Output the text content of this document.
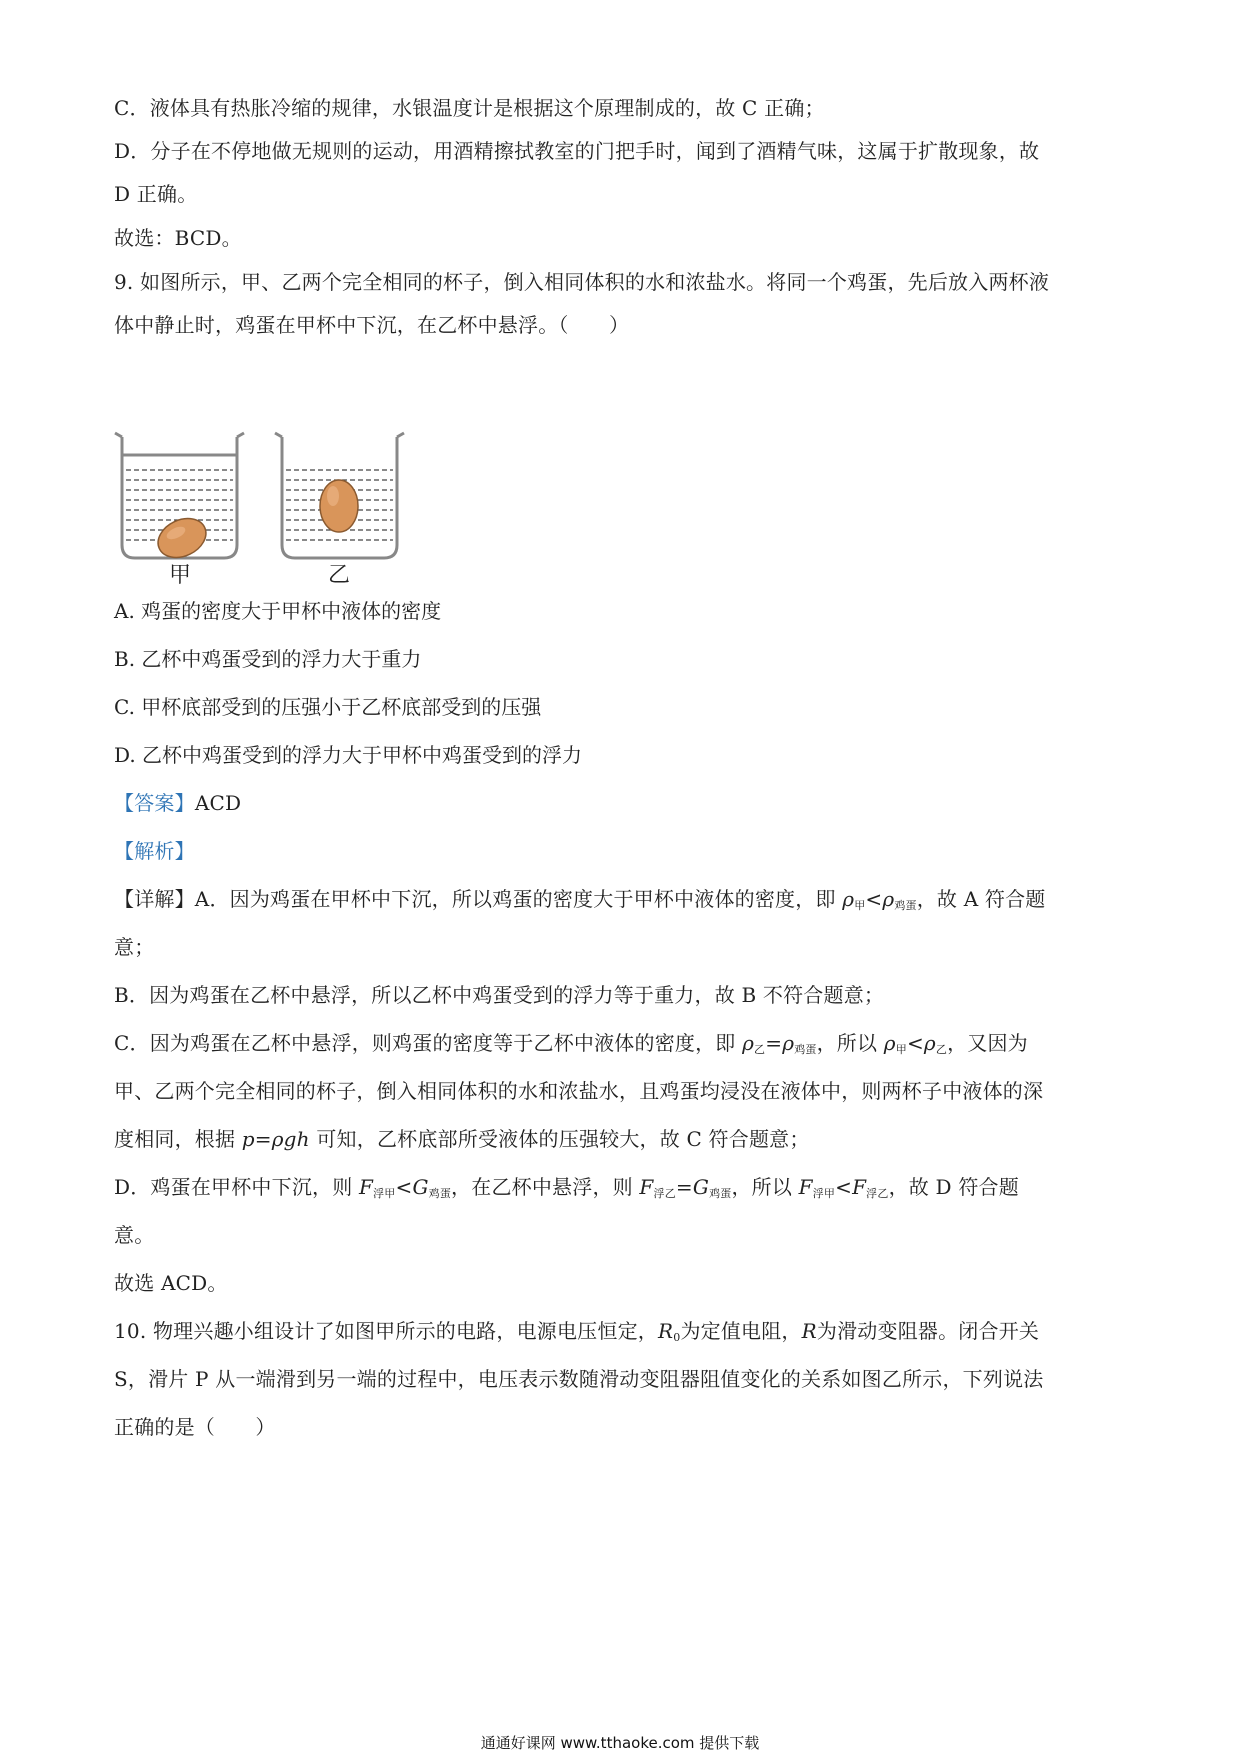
C．液体具有热胀冷缩的规律，水银温度计是根据这个原理制成的，故 C 正确；
D．分子在不停地做无规则的运动，用酒精擦拭教室的门把手时，闻到了酒精气味，这属于扩散现象，故
D 正确。
故选：BCD。
9. 如图所示，甲、乙两个完全相同的杯子，倒入相同体积的水和浓盐水。将同一个鸡蛋，先后放入两杯液
体中静止时，鸡蛋在甲杯中下沉，在乙杯中悬浮。（　　）
甲	乙
A. 鸡蛋的密度大于甲杯中液体的密度
B. 乙杯中鸡蛋受到的浮力大于重力
C. 甲杯底部受到的压强小于乙杯底部受到的压强
D. 乙杯中鸡蛋受到的浮力大于甲杯中鸡蛋受到的浮力
【答案】ACD
【解析】
【详解】A．因为鸡蛋在甲杯中下沉，所以鸡蛋的密度大于甲杯中液体的密度，即 $\rho_甲<\rho_{鸡蛋}$，故 A 符合题
意；
B．因为鸡蛋在乙杯中悬浮，所以乙杯中鸡蛋受到的浮力等于重力，故 B 不符合题意；
C．因为鸡蛋在乙杯中悬浮，则鸡蛋的密度等于乙杯中液体的密度，即 $\rho_乙=\rho_{鸡蛋}$，所以 $\rho_甲<\rho_乙$，又因为
甲、乙两个完全相同的杯子，倒入相同体积的水和浓盐水，且鸡蛋均浸没在液体中，则两杯子中液体的深
度相同，根据 p=ρgh 可知，乙杯底部所受液体的压强较大，故 C 符合题意；
D．鸡蛋在甲杯中下沉，则 $F_{浮甲}<G_{鸡蛋}$，在乙杯中悬浮，则 $F_{浮乙}=G_{鸡蛋}$，所以 $F_{浮甲}<F_{浮乙}$，故 D 符合题
意。
故选 ACD。
10. 物理兴趣小组设计了如图甲所示的电路，电源电压恒定，$R_0$为定值电阻，R为滑动变阻器。闭合开关
S，滑片 P 从一端滑到另一端的过程中，电压表示数随滑动变阻器阻值变化的关系如图乙所示，下列说法
正确的是（　　）
通通好课网 www.tthaoke.com 提供下载
